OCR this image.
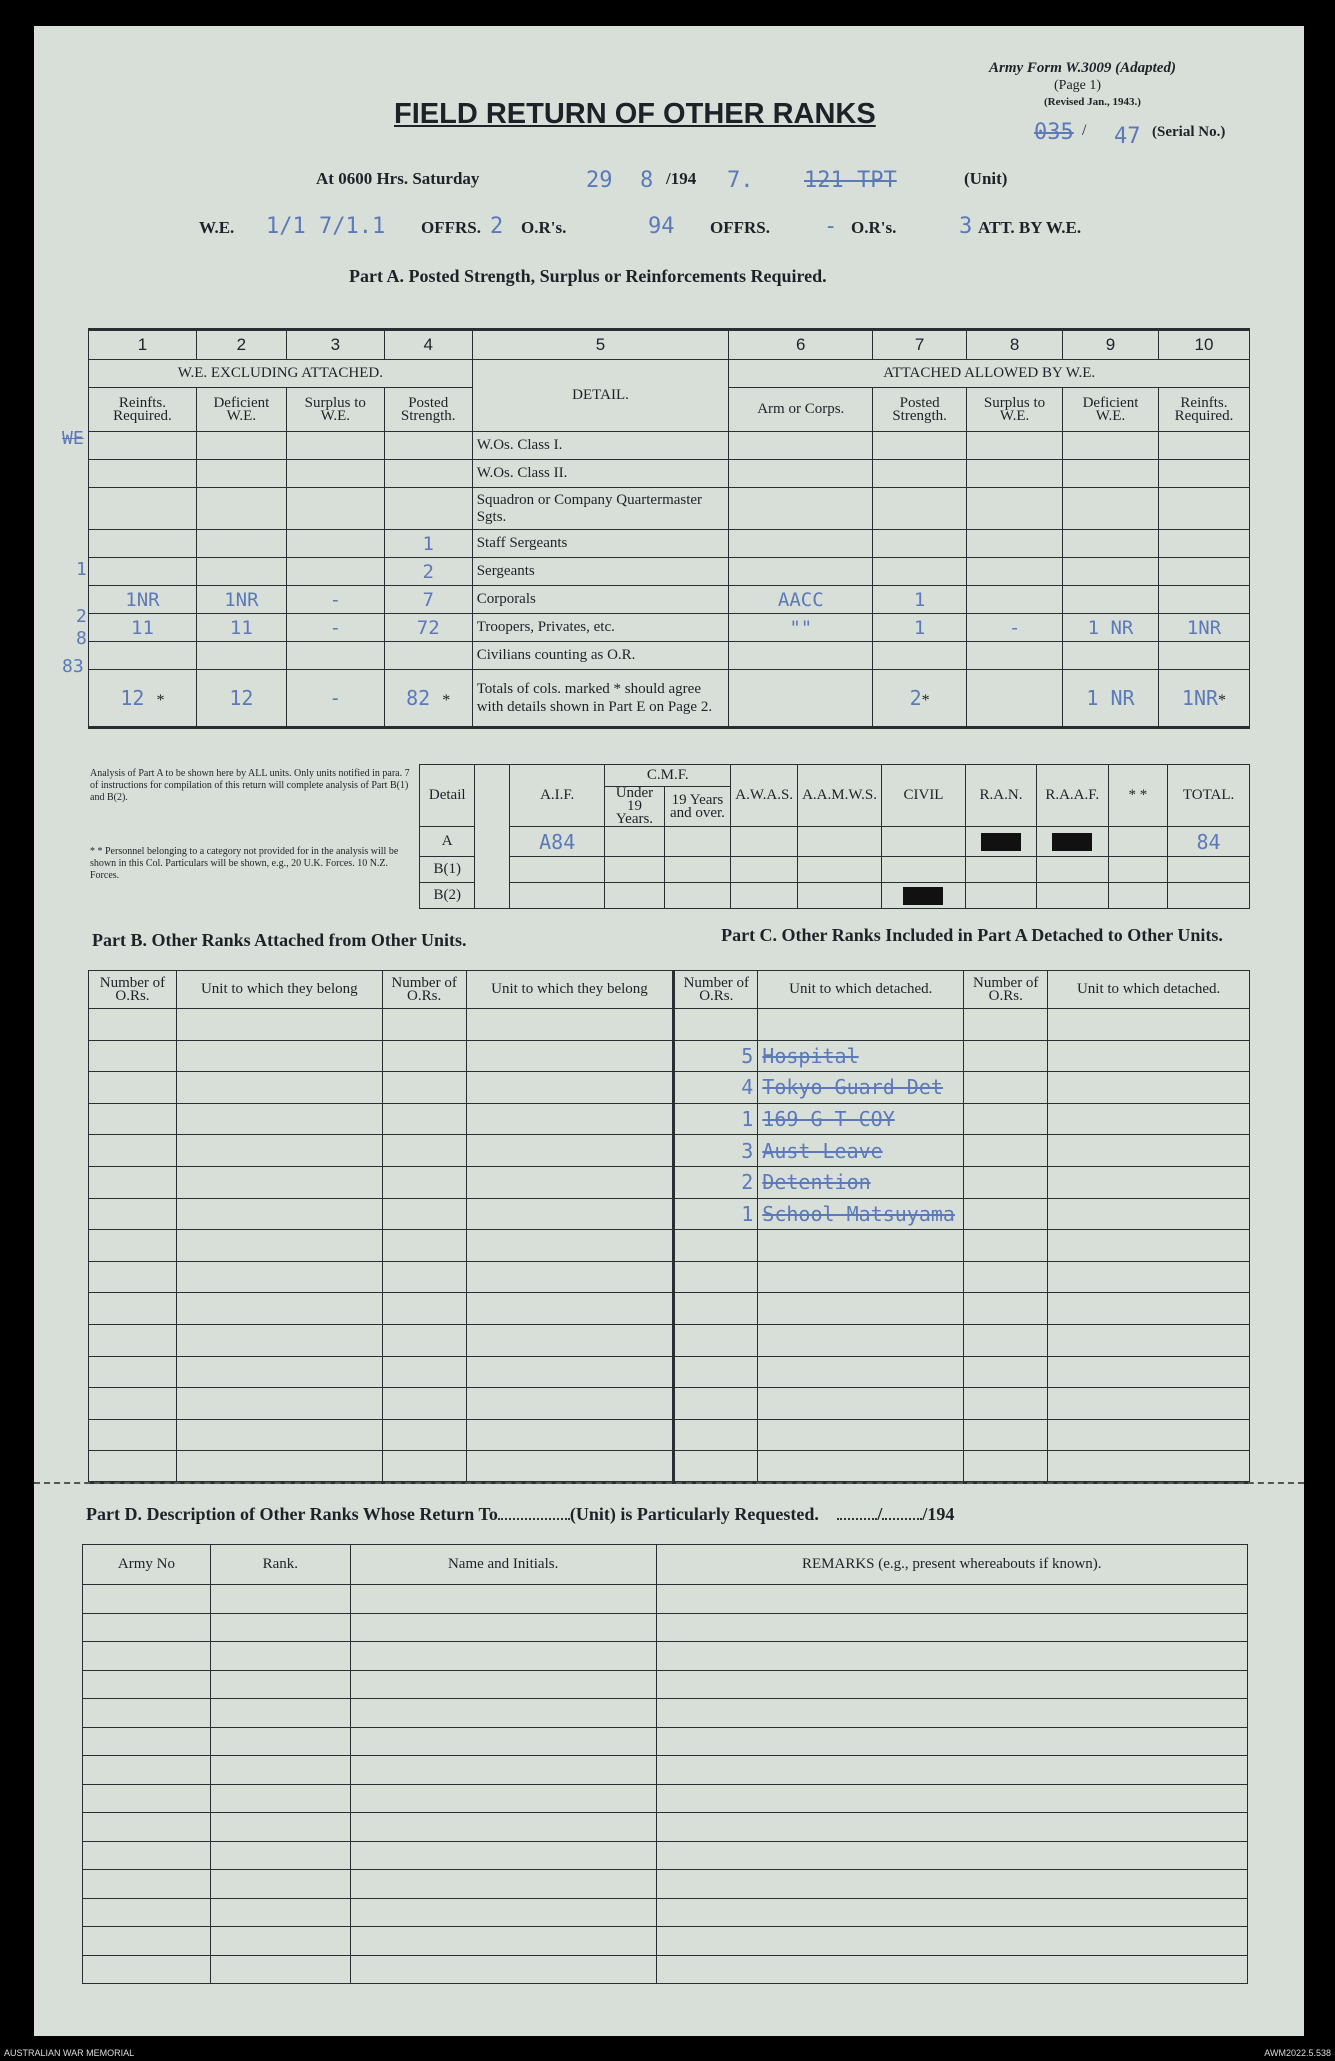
Army Form W.3009 (Adapted)
(Page 1)
(Revised Jan., 1943.)
FIELD RETURN OF OTHER RANKS
035 / 47 (Serial No.)
At 0600 Hrs. Saturday	29 8 /194 7. 121 TPT	(Unit)
W.E. 1/1 7/1.1 OFFRS. 2 O.R's.	94 OFFRS. - O.R's.	3 ATT. BY W.E.
Part A. Posted Strength, Surplus or Reinforcements Required.
1	2	3	4	5	6	7	8	9	10
W.E. EXCLUDING ATTACHED.				DETAIL.	ATTACHED ALLOWED BY W.E.				
Reinfts. Required.	Deficient W.E.	Surplus to W.E.	Posted Strength.		Arm or Corps.	Posted Strength.	Surplus to W.E.	Deficient W.E.	Reinfts. Required.
				W.Os. Class I.					
				W.Os. Class II.					
				Squadron or Company Quartermaster Sgts.					
			1	Staff Sergeants					
			2	Sergeants					
1NR	1NR	-	7	Corporals	AACC	1			
11	11	-	72	Troopers, Privates, etc.	""	1	-	1 NR	1NR
				Civilians counting as O.R.					
12 *	12	-	82 *	Totals of cols. marked * should agree with details shown in Part E on Page 2.		2*		1 NR	1NR*
WE
1
2
8
83
Analysis of Part A to be shown here by ALL units. Only units notified in para. 7 of instructions for compilation of this return will complete analysis of Part B(1) and B(2).
* * Personnel belonging to a category not provided for in the analysis will be shown in this Col. Particulars will be shown, e.g., 20 U.K. Forces. 10 N.Z. Forces.
Detail		A.I.F.	C.M.F.		A.W.A.S.	A.A.M.W.S.	CIVIL	R.A.N.	R.A.A.F.	* *	TOTAL.
			Under 19 Years.	19 Years and over.							
A		A84									84
B(1)											
B(2)							

Part B. Other Ranks Attached from Other Units.	Part C. Other Ranks Included in Part A Detached to Other Units.
Number of O.Rs.	Unit to which they belong	Number of O.Rs.	Unit to which they belong	Number of O.Rs.	Unit to which detached.	Number of O.Rs.	Unit to which detached.

				5	Hospital		
				4	Tokyo Guard Det		
				1	169 G T COY		
				3	Aust Leave		
				2	Detention		
				1	School Matsuyama		

Part D. Description of Other Ranks Whose Return To	(Unit) is Particularly Requested.	/ /194
Army No	Rank.	Name and Initials.	REMARKS (e.g., present whereabouts if known).

AUSTRALIAN WAR MEMORIAL	AWM2022.5.538
